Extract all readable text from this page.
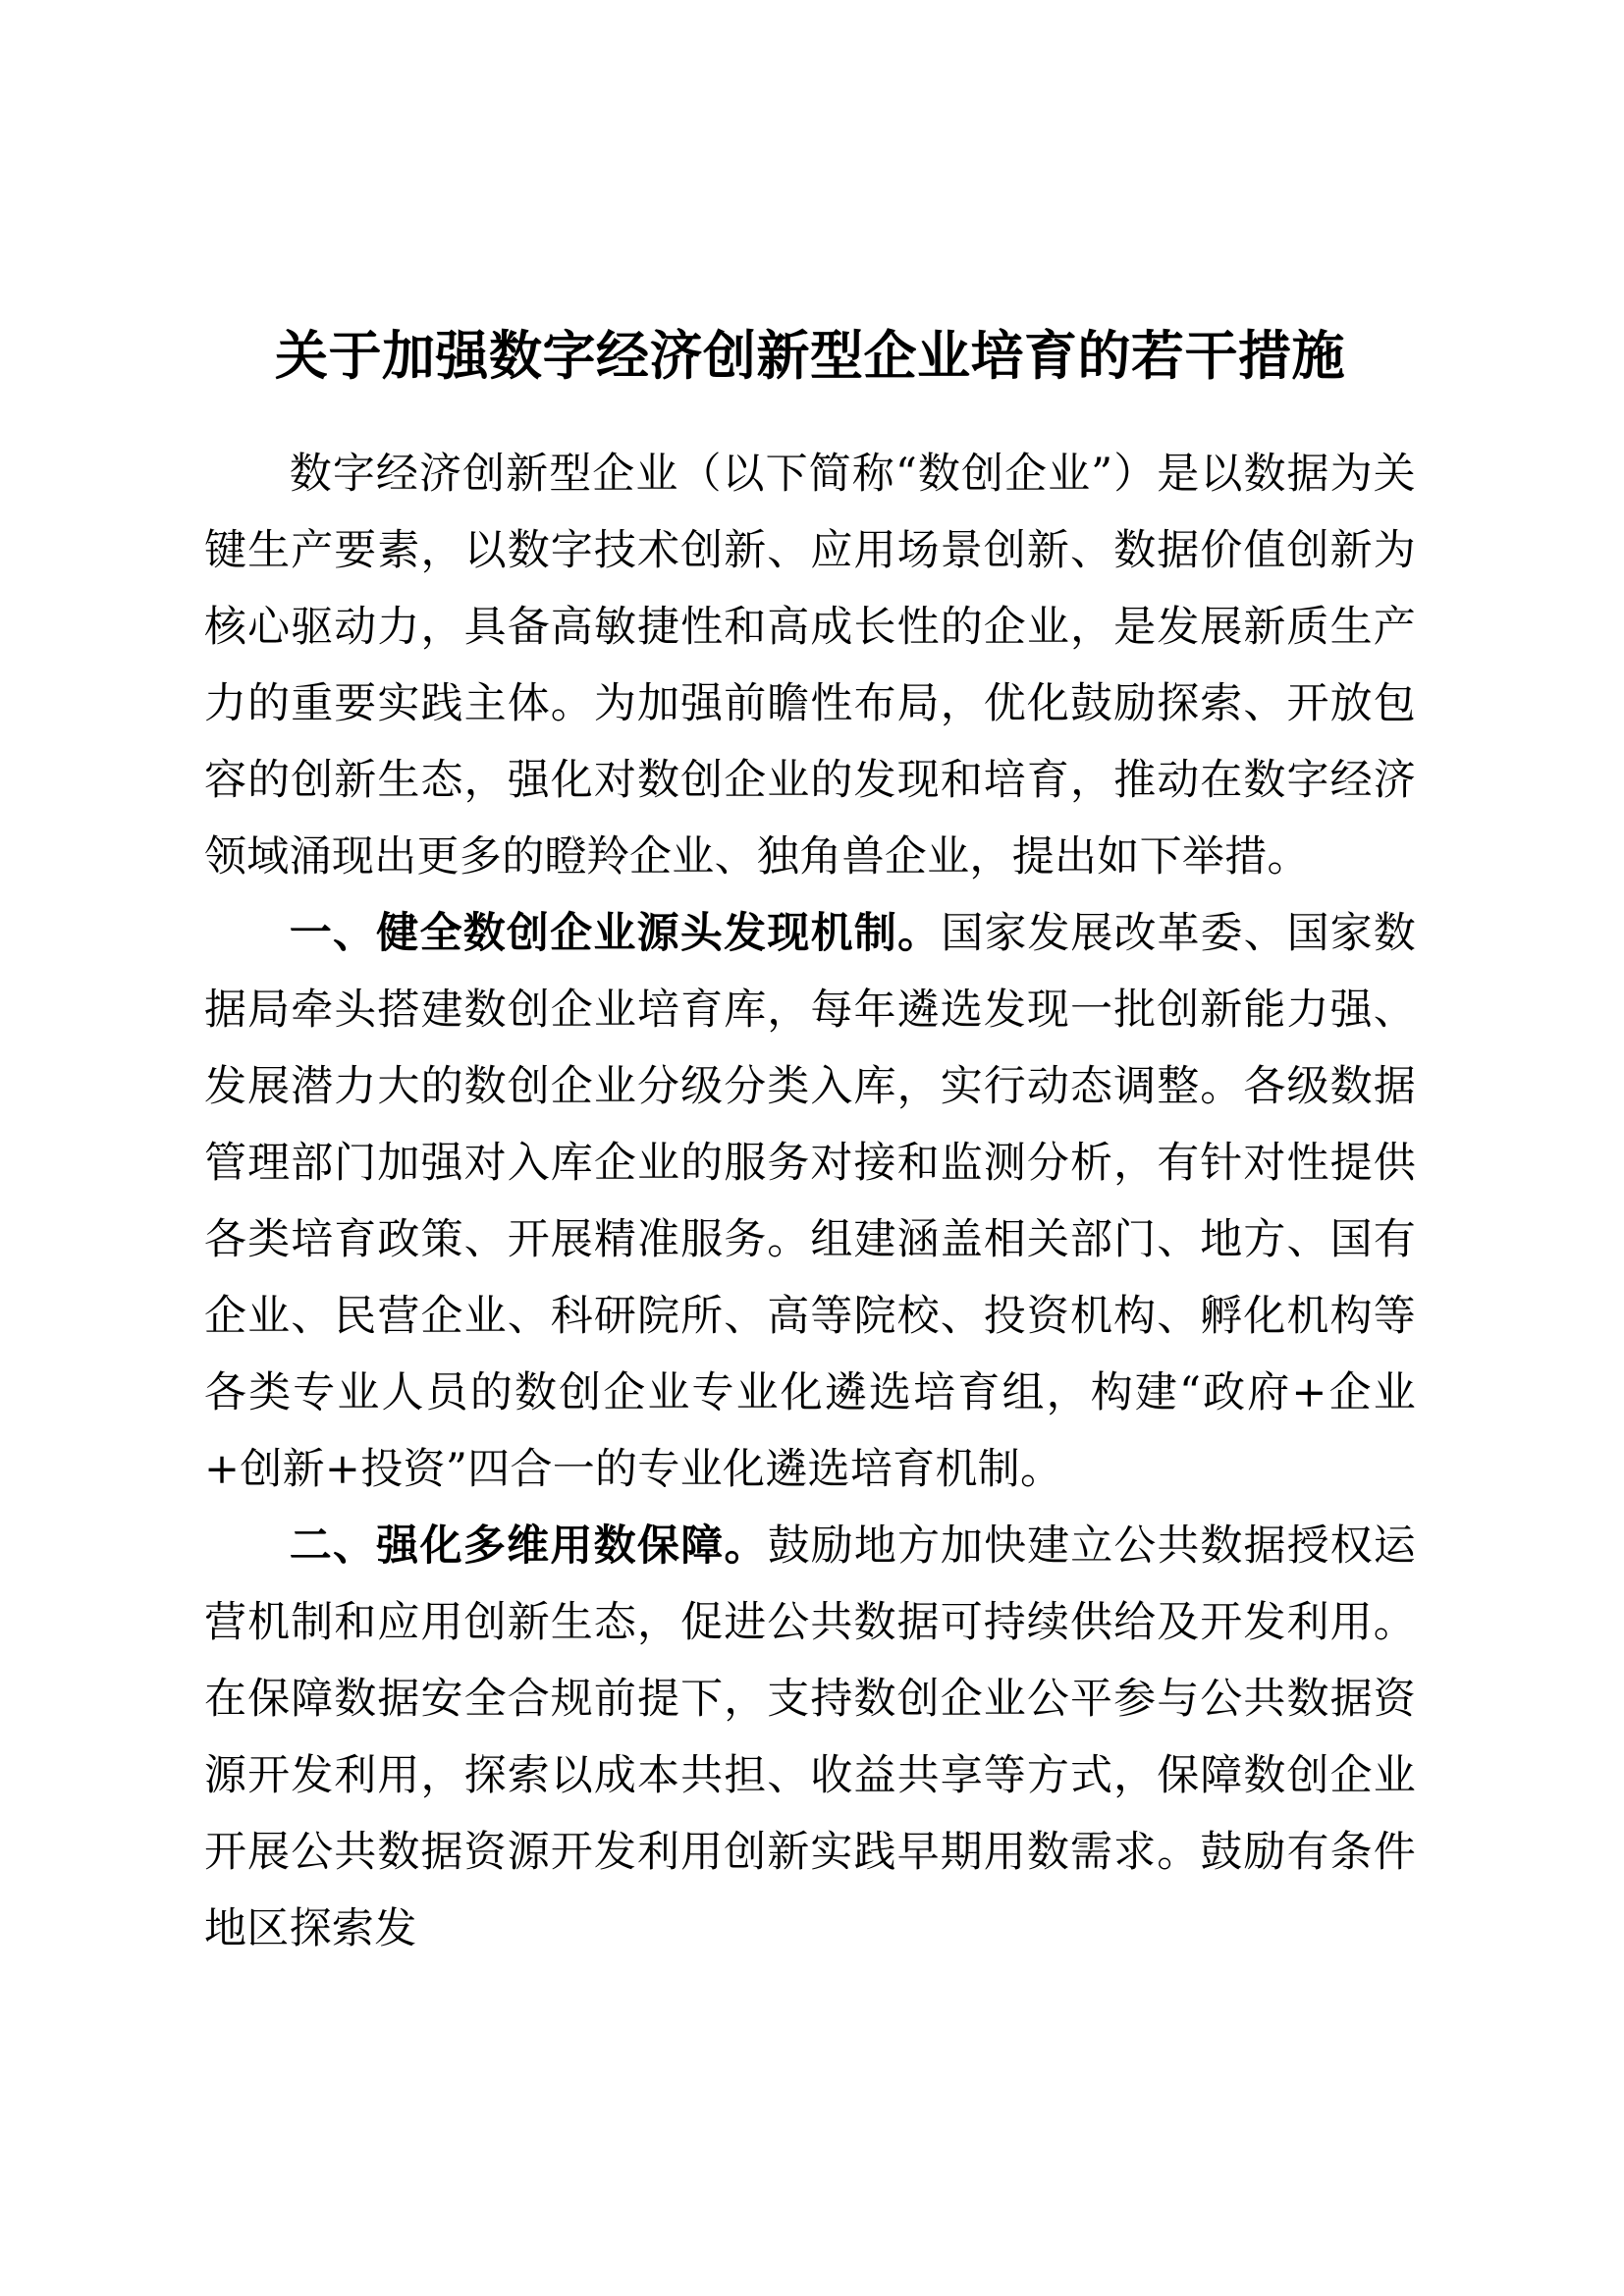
关于加强数字经济创新型企业培育的若干措施

数字经济创新型企业（以下简称“数创企业”）是以数据为关键生产要素，以数字技术创新、应用场景创新、数据价值创新为核心驱动力，具备高敏捷性和高成长性的企业，是发展新质生产力的重要实践主体。为加强前瞻性布局，优化鼓励探索、开放包容的创新生态，强化对数创企业的发现和培育，推动在数字经济领域涌现出更多的瞪羚企业、独角兽企业，提出如下举措。

一、健全数创企业源头发现机制。国家发展改革委、国家数据局牵头搭建数创企业培育库，每年遴选发现一批创新能力强、发展潜力大的数创企业分级分类入库，实行动态调整。各级数据管理部门加强对入库企业的服务对接和监测分析，有针对性提供各类培育政策、开展精准服务。组建涵盖相关部门、地方、国有企业、民营企业、科研院所、高等院校、投资机构、孵化机构等各类专业人员的数创企业专业化遴选培育组，构建“政府+企业+创新+投资”四合一的专业化遴选培育机制。

二、强化多维用数保障。鼓励地方加快建立公共数据授权运营机制和应用创新生态，促进公共数据可持续供给及开发利用。在保障数据安全合规前提下，支持数创企业公平参与公共数据资源开发利用，探索以成本共担、收益共享等方式，保障数创企业开展公共数据资源开发利用创新实践早期用数需求。鼓励有条件地区探索发
